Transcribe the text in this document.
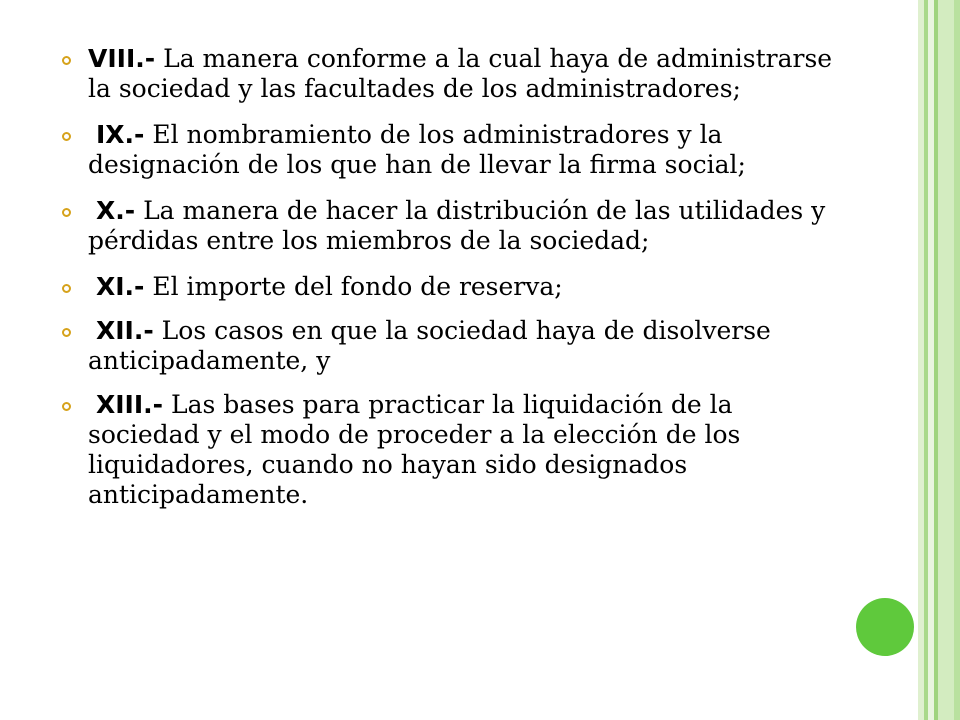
VIII.- La manera conforme a la cual haya de administrarse la sociedad y las facultades de los administradores;
IX.- El nombramiento de los administradores y la designación de los que han de llevar la firma social;
X.- La manera de hacer la distribución de las utilidades y pérdidas entre los miembros de la sociedad;
XI.- El importe del fondo de reserva;
XII.- Los casos en que la sociedad haya de disolverse anticipadamente, y
XIII.- Las bases para practicar la liquidación de la sociedad y el modo de proceder a la elección de los liquidadores, cuando no hayan sido designados anticipadamente.
